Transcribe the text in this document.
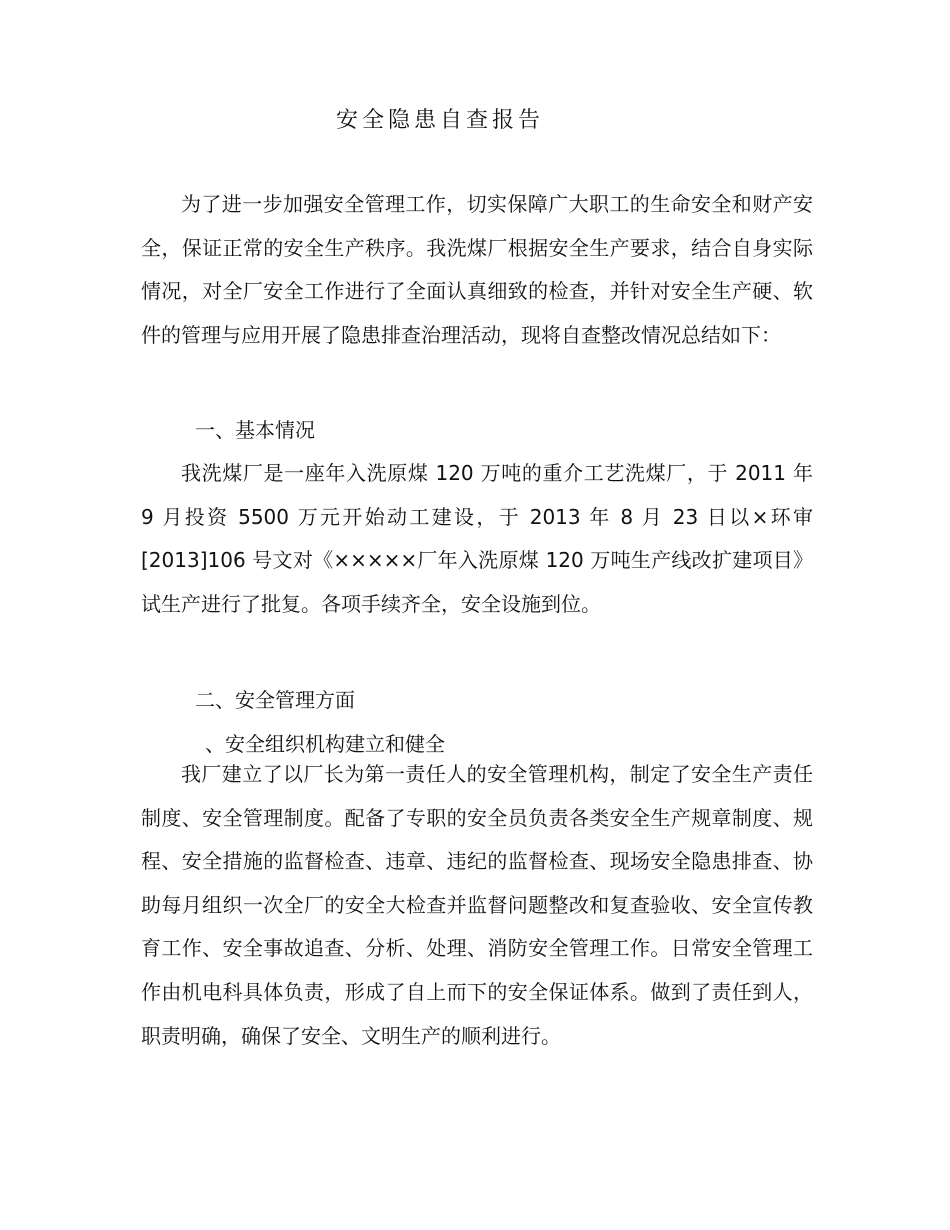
安全隐患自查报告

为了进一步加强安全管理工作，切实保障广大职工的生命安全和财产安全，保证正常的安全生产秩序。我洗煤厂根据安全生产要求，结合自身实际情况，对全厂安全工作进行了全面认真细致的检查，并针对安全生产硬、软件的管理与应用开展了隐患排查治理活动，现将自查整改情况总结如下：

一、基本情况

我洗煤厂是一座年入洗原煤 120 万吨的重介工艺洗煤厂，于 2011 年 9 月投资 5500 万元开始动工建设，于 2013 年 8 月 23 日以×环审[2013]106 号文对《×××××厂年入洗原煤 120 万吨生产线改扩建项目》试生产进行了批复。各项手续齐全，安全设施到位。

二、安全管理方面
、安全组织机构建立和健全

我厂建立了以厂长为第一责任人的安全管理机构，制定了安全生产责任制度、安全管理制度。配备了专职的安全员负责各类安全生产规章制度、规程、安全措施的监督检查、违章、违纪的监督检查、现场安全隐患排查、协助每月组织一次全厂的安全大检查并监督问题整改和复查验收、安全宣传教育工作、安全事故追查、分析、处理、消防安全管理工作。日常安全管理工作由机电科具体负责，形成了自上而下的安全保证体系。做到了责任到人，职责明确，确保了安全、文明生产的顺利进行。
